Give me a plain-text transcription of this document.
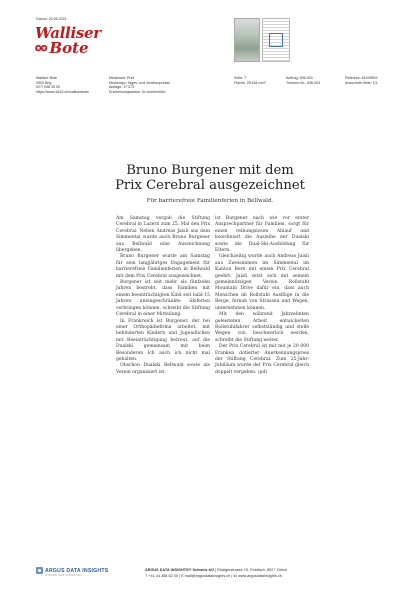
Datum: 20.06.2021
Walliser
✪✪ Bote
Walliser Bote
3900 Brig
027/ 948 30 00
https://www.1815.ch/walliserbote/
Medienart: Print
Medientyp: Tages- und Wochenpresse
Auflage: 17'373
Erscheinungsweise: 5x wöchentlich
Seite: 7
Fläche: 25'184 mm²
Auftrag: 536.003
Themen-Nr.: 536.003
Referenz: 81049504
Ausschnitt Seite: 1/1
Bruno Burgener mit dem
Prix Cerebral ausgezeichnet
Für barrierefreie Familienferien in Bellwald.

Am Samstag vergab die Stiftung Cerebral in Luzern zum 25. Mal den Prix Cerebral. Neben Andreas Jaisli aus dem Simmental wurde auch Bruno Burgener aus Bellwald eine Auszeichnung übergeben.

Bruno Burgener wurde am Samstag für sein langjähriges Engagement für barrierefreie Familienferien in Bellwald mit dem Prix Cerebral ausgezeichnet.

Burgener ist seit mehr als fünfzehn Jahren bestrebt, dass Familien mit einem beeinträchtigten Kind seit bald 15 Jahren uneingeschränkte Skiferien verbringen können, schreibt die Stiftung Cerebral in einer Mitteilung.

In Frankreich ist Burgener, der bei einer Orthopädiefirma arbeitet, mit behinderten Kindern und Jugendlichen mit Beeinträchtigung betreut, auf die Dualski gemeinsam mit beim Besonderen Ich auch ich nicht mal gehalten.

Obschon Dualski Bellwald sowie als Verein organisiert ist,

ist Burgener nach wie vor erster Ansprechpartner für Familien, sorgt für einen reibungslosen Ablauf und koordiniert die Ausleihe der Dualski sowie die Dual-Ski-Ausbildung für Eltern.

Gleichzeitig wurde auch Andreas Jaisli aus Zweisimmen im Simmental im Kanton Bern mit einem Prix Cerebral geehrt. Jaisli setzt sich mit seinem gemeinnützigen Verein Rollstuhl Mountain Drive dafür ein, dass auch Menschen im Rollstuhl Ausflüge in die Berge, fernab von Strassen und Wegen, unternehmen können.

Mit den während Jahrzehnten geleisteten Arbeit entwickelten Rollstuhlfahrer selbstständig und stelle Wegen von beschwerlich werden, schreibt die Stiftung weiter.

Der Prix Cerebral ist mit mit je 20 000 Franken dotierter Anerkennungspreis der Stiftung Cerebral. Zum 25-Jahr-Jubiläum wurde der Prix Cerebral gleich doppelt vergeben. (pd)

ARGUS DATA INSIGHTS
WISSEN DER EXPERTEN
ARGUS DATA INSIGHTS® Schweiz AG | Rüdigerstrasse 15, Postfach, 8027 Zürich
T +41 44 388 82 00 | E mail@argusdatainsights.ch | W www.argusdatainsights.ch
